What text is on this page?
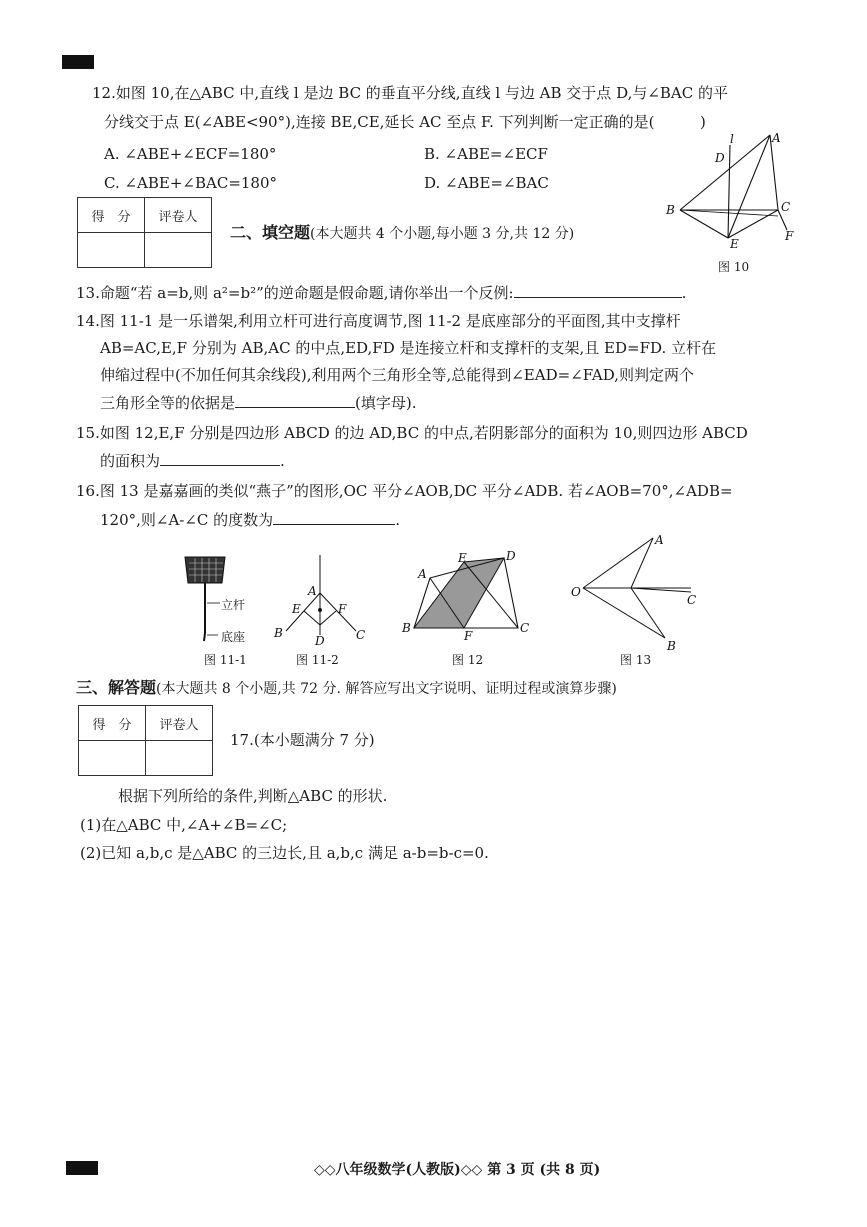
12.如图 10,在△ABC 中,直线 l 是边 BC 的垂直平分线,直线 l 与边 AB 交于点 D,与∠BAC 的平
分线交于点 E(∠ABE<90°),连接 BE,CE,延长 AC 至点 F. 下列判断一定正确的是(	)
A. ∠ABE+∠ECF=180°	B. ∠ABE=∠ECF
C. ∠ABE+∠BAC=180°	D. ∠ABE=∠BAC
l	A
D
B	C
E
F
图 10
得　分	评卷人

二、填空题(本大题共 4 个小题,每小题 3 分,共 12 分)
13.命题“若 a=b,则 a²=b²”的逆命题是假命题,请你举出一个反例:	.
14.图 11-1 是一乐谱架,利用立杆可进行高度调节,图 11-2 是底座部分的平面图,其中支撑杆
AB=AC,E,F 分别为 AB,AC 的中点,ED,FD 是连接立杆和支撑杆的支架,且 ED=FD. 立杆在
伸缩过程中(不加任何其余线段),利用两个三角形全等,总能得到∠EAD=∠FAD,则判定两个
三角形全等的依据是	(填字母).
15.如图 12,E,F 分别是四边形 ABCD 的边 AD,BC 的中点,若阴影部分的面积为 10,则四边形 ABCD
的面积为	.
16.图 13 是嘉嘉画的类似“燕子”的图形,OC 平分∠AOB,DC 平分∠ADB. 若∠AOB=70°,∠ADB=
120°,则∠A-∠C 的度数为	.
立杆
底座
图 11-1
A
E	F
B	C
D
图 11-2
A
E	D
B
F
C
图 12
A
O
C
B
图 13
三、解答题(本大题共 8 个小题,共 72 分. 解答应写出文字说明、证明过程或演算步骤)
得　分	评卷人

17.(本小题满分 7 分)
根据下列所给的条件,判断△ABC 的形状.
(1)在△ABC 中,∠A+∠B=∠C;
(2)已知 a,b,c 是△ABC 的三边长,且 a,b,c 满足 a-b=b-c=0.
◇◇八年级数学(人教版)◇◇ 第 3 页 (共 8 页)
